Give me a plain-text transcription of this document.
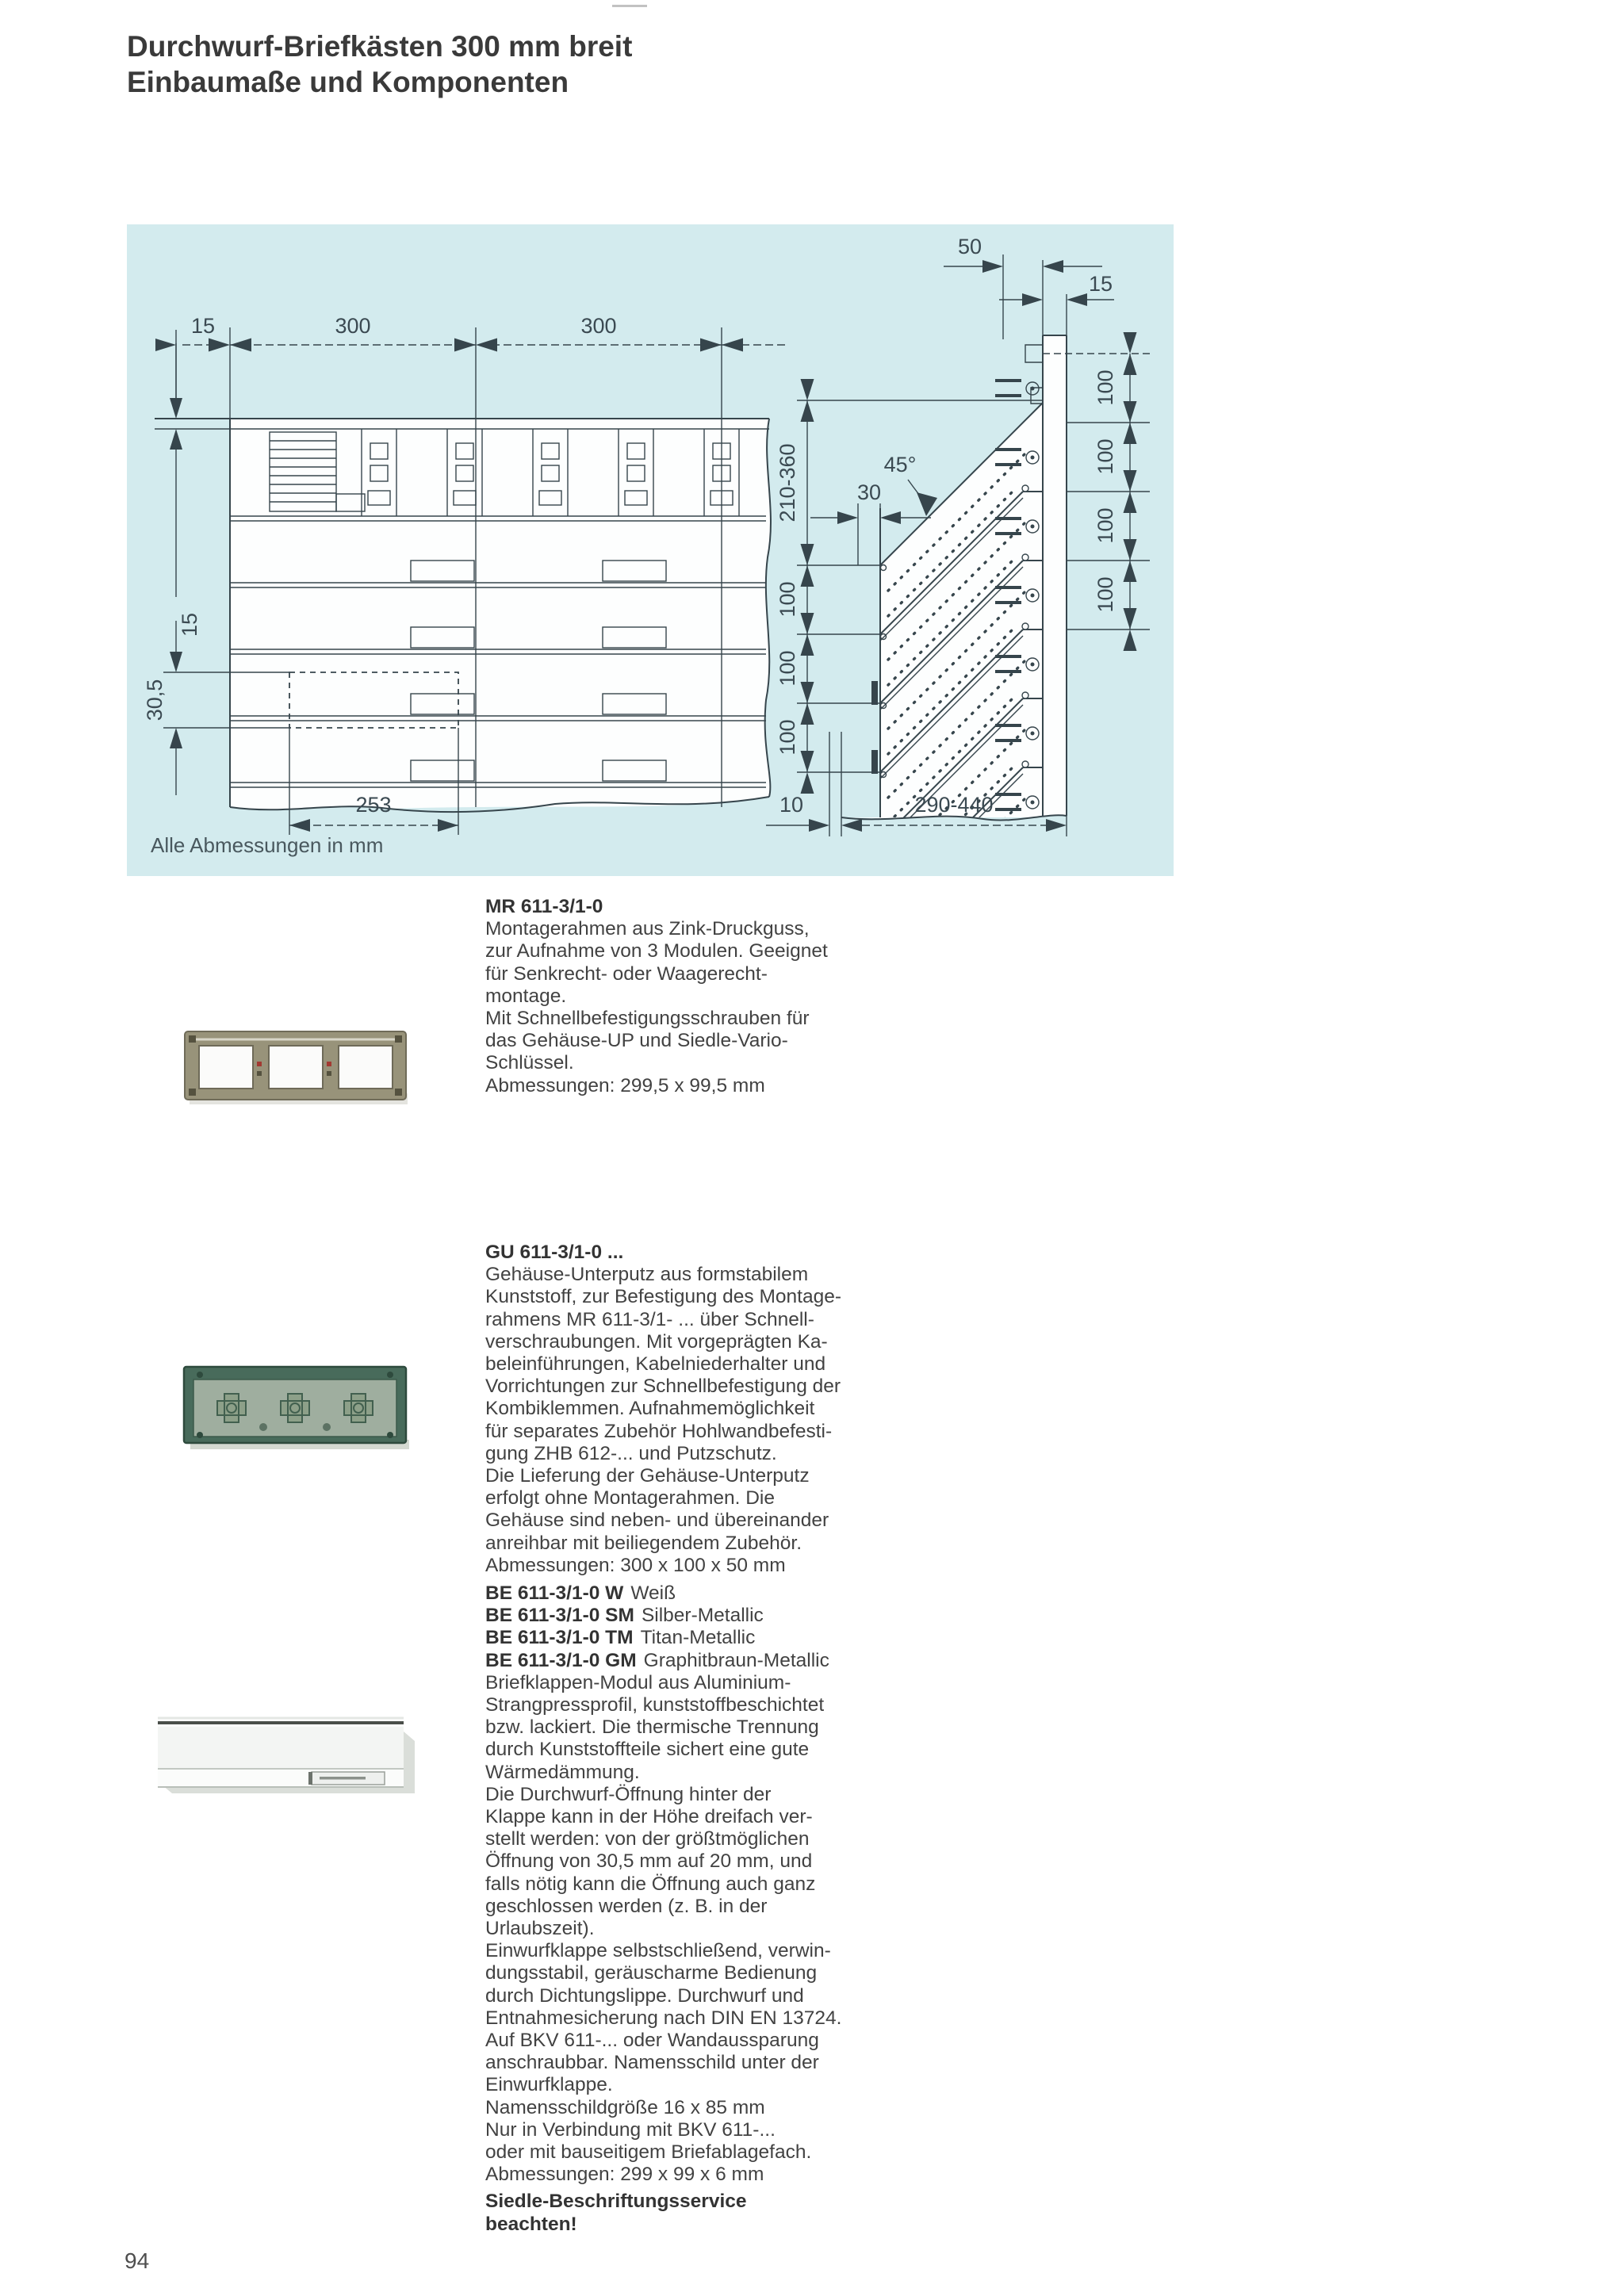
Durchwurf-Briefkästen 300 mm breit
Einbaumaße und Komponenten
15	300	300
15
30,5
253
50
15
45°
30
210-360
100
100
100
100
100
100
100
10	290-440
Alle Abmessungen in mm
MR 611-3/1-0
Montagerahmen aus Zink-Druckguss,
zur Aufnahme von 3 Modulen. Geeignet
für Senkrecht- oder Waagerecht-
montage.
Mit Schnellbefestigungsschrauben für
das Gehäuse-UP und Siedle-Vario-
Schlüssel.
Abmessungen: 299,5 x 99,5 mm
GU 611-3/1-0 ...
Gehäuse-Unterputz aus formstabilem
Kunststoff, zur Befestigung des Montage-
rahmens MR 611-3/1- ... über Schnell-
verschraubungen. Mit vorgeprägten Ka-
beleinführungen, Kabelniederhalter und
Vorrichtungen zur Schnellbefestigung der
Kombiklemmen. Aufnahmemöglichkeit
für separates Zubehör Hohlwandbefesti-
gung ZHB 612-... und Putzschutz.
Die Lieferung der Gehäuse-Unterputz
erfolgt ohne Montagerahmen. Die
Gehäuse sind neben- und übereinander
anreihbar mit beiliegendem Zubehör.
Abmessungen: 300 x 100 x 50 mm
BE 611-3/1-0 W Weiß
BE 611-3/1-0 SM Silber-Metallic
BE 611-3/1-0 TM Titan-Metallic
BE 611-3/1-0 GM Graphitbraun-Metallic
Briefklappen-Modul aus Aluminium-
Strangpressprofil, kunststoffbeschichtet
bzw. lackiert. Die thermische Trennung
durch Kunststoffteile sichert eine gute
Wärmedämmung.
Die Durchwurf-Öffnung hinter der
Klappe kann in der Höhe dreifach ver-
stellt werden: von der größtmöglichen
Öffnung von 30,5 mm auf 20 mm, und
falls nötig kann die Öffnung auch ganz
geschlossen werden (z. B. in der
Urlaubszeit).
Einwurfklappe selbstschließend, verwin-
dungsstabil, geräuscharme Bedienung
durch Dichtungslippe. Durchwurf und
Entnahmesicherung nach DIN EN 13724.
Auf BKV 611-... oder Wandaussparung
anschraubbar. Namensschild unter der
Einwurfklappe.
Namensschildgröße 16 x 85 mm
Nur in Verbindung mit BKV 611-...
oder mit bauseitigem Briefablagefach.
Abmessungen: 299 x 99 x 6 mm
Siedle-Beschriftungsservice
beachten!
94
